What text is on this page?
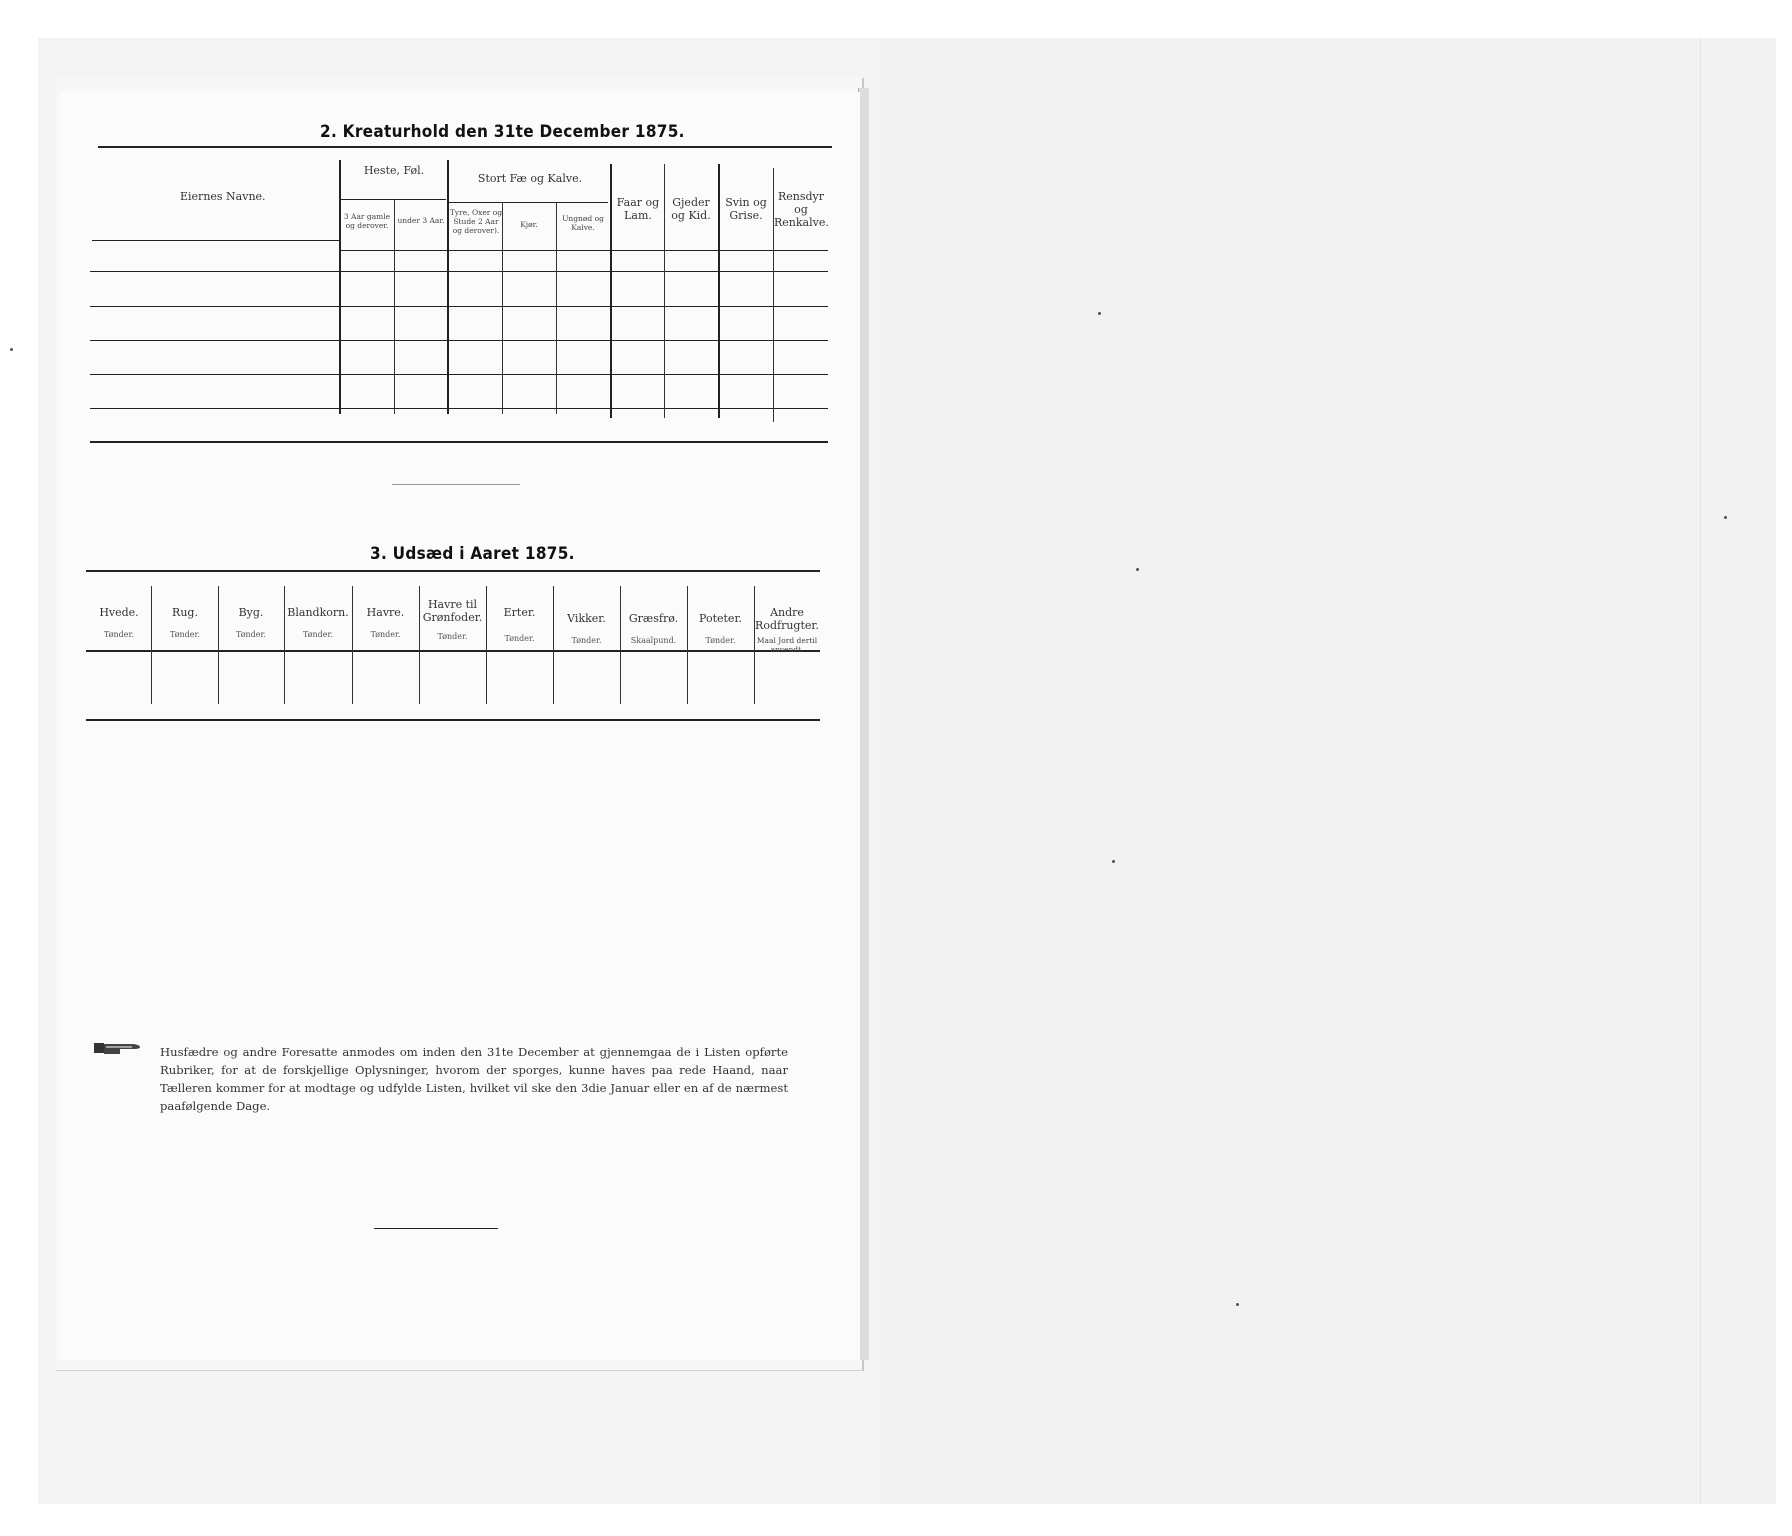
2. Kreaturhold den 31te December 1875.
Eiernes Navne.
Heste, Føl.
3 Aar gamle og derover.
under 3 Aar.
Stort Fæ og Kalve.
Tyre, Oxer og Stude 2 Aar og derover).
Kjør.
Ungnød og Kalve.
Faar og Lam.
Gjeder og Kid.
Svin og Grise.
Rensdyr og Renkalve.
3. Udsæd i Aaret 1875.
Hvede.
Tønder.
Rug.
Tønder.
Byg.
Tønder.
Blandkorn.
Tønder.
Havre.
Tønder.
Havre til Grønfoder.
Tønder.
Erter.
Tønder.
Vikker.
Tønder.
Græsfrø.
Skaalpund.
Poteter.
Tønder.
Andre Rodfrugter.
Maal Jord dertil anvendt.
Husfædre og andre Foresatte anmodes om inden den 31te December at gjennemgaa de i Listen opførte Rubriker, for at de forskjellige Oplysninger, hvorom der sporges, kunne haves paa rede Haand, naar Tælleren kommer for at modtage og udfylde Listen, hvilket vil ske den 3die Januar eller en af de nærmest paafølgende Dage.
